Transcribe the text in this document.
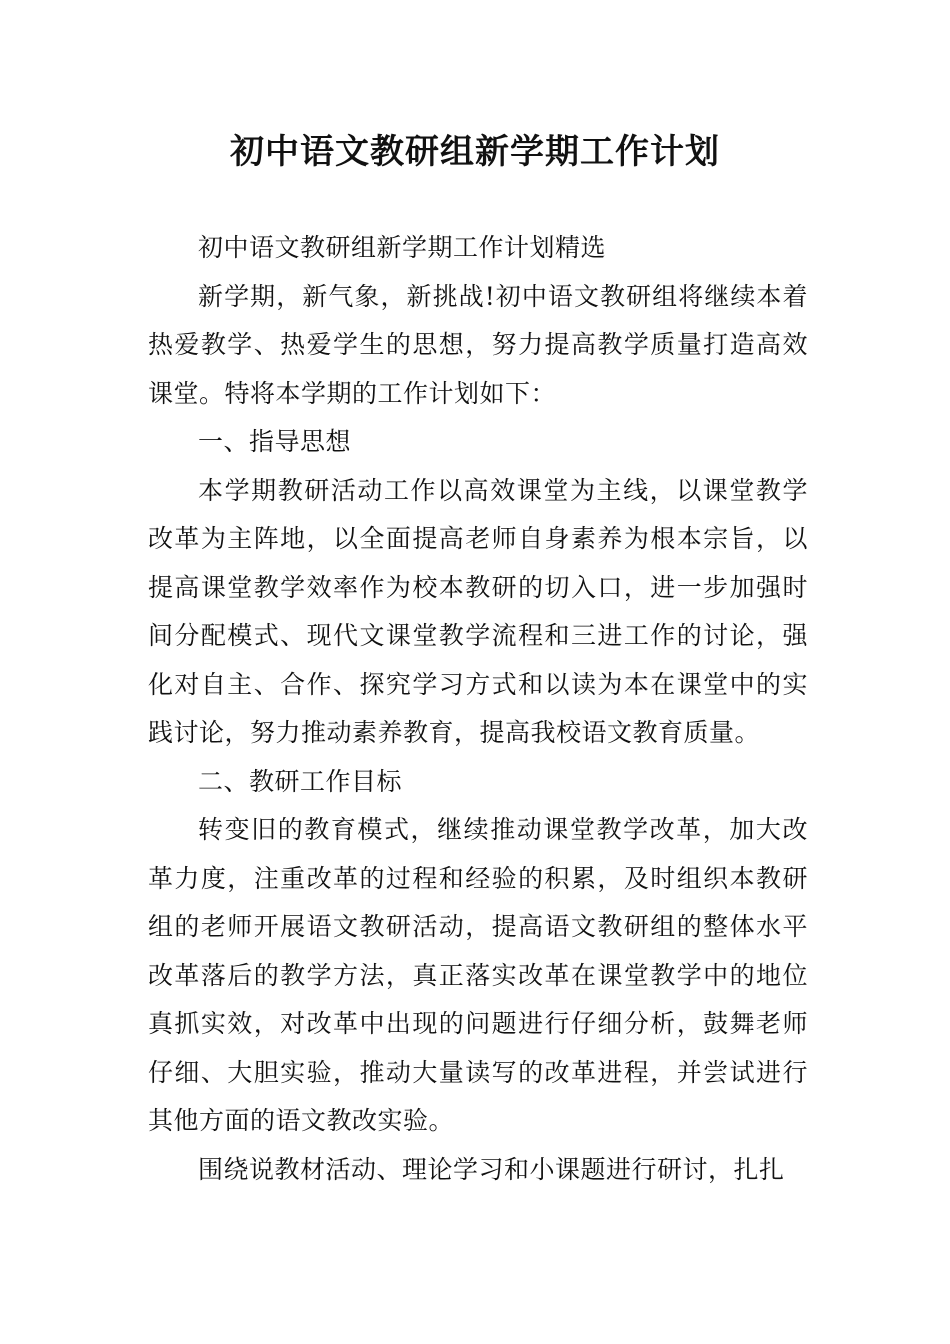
初中语文教研组新学期工作计划

初中语文教研组新学期工作计划精选

新学期，新气象，新挑战!初中语文教研组将继续本着热爱教学、热爱学生的思想，努力提高教学质量打造高效课堂。特将本学期的工作计划如下：

一、指导思想

本学期教研活动工作以高效课堂为主线，以课堂教学改革为主阵地，以全面提高老师自身素养为根本宗旨，以提高课堂教学效率作为校本教研的切入口，进一步加强时间分配模式、现代文课堂教学流程和三进工作的讨论，强化对自主、合作、探究学习方式和以读为本在课堂中的实践讨论，努力推动素养教育，提高我校语文教育质量。

二、教研工作目标

转变旧的教育模式，继续推动课堂教学改革，加大改革力度，注重改革的过程和经验的积累，及时组织本教研组的老师开展语文教研活动，提高语文教研组的整体水平改革落后的教学方法，真正落实改革在课堂教学中的地位真抓实效，对改革中出现的问题进行仔细分析，鼓舞老师仔细、大胆实验，推动大量读写的改革进程，并尝试进行其他方面的语文教改实验。

围绕说教材活动、理论学习和小课题进行研讨，扎扎
